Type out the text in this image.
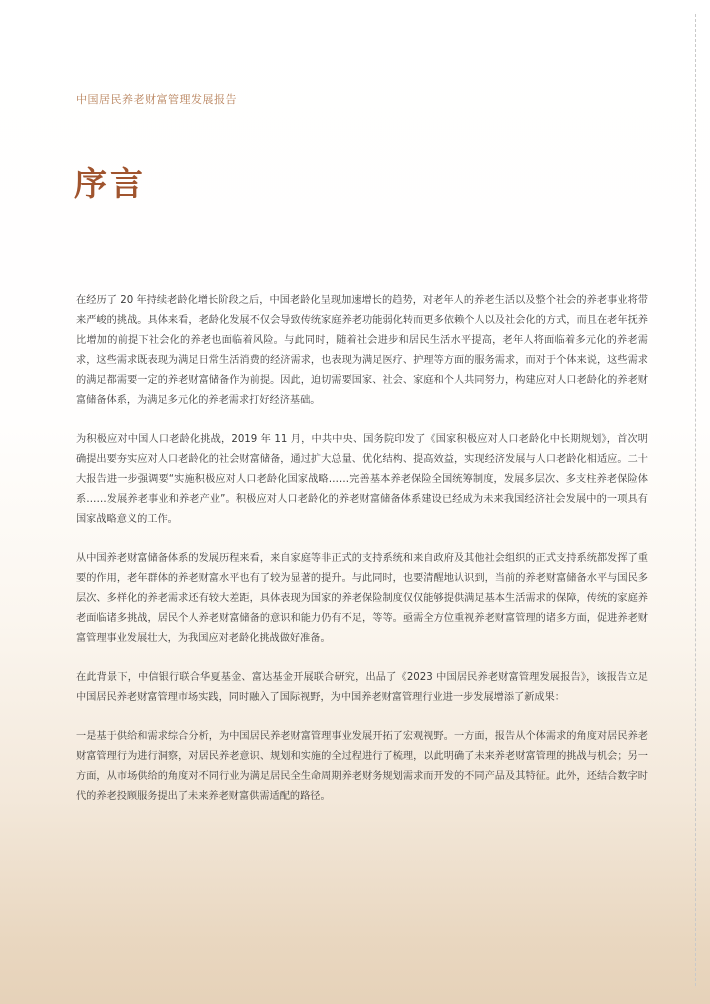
中国居民养老财富管理发展报告
序言

在经历了 20 年持续老龄化增长阶段之后，中国老龄化呈现加速增长的趋势，对老年人的养老生活以及整个社会的养老事业将带来严峻的挑战。具体来看，老龄化发展不仅会导致传统家庭养老功能弱化转而更多依赖个人以及社会化的方式，而且在老年抚养比增加的前提下社会化的养老也面临着风险。与此同时，随着社会进步和居民生活水平提高，老年人将面临着多元化的养老需求，这些需求既表现为满足日常生活消费的经济需求，也表现为满足医疗、护理等方面的服务需求，而对于个体来说，这些需求的满足都需要一定的养老财富储备作为前提。因此，迫切需要国家、社会、家庭和个人共同努力，构建应对人口老龄化的养老财富储备体系，为满足多元化的养老需求打好经济基础。

为积极应对中国人口老龄化挑战，2019 年 11 月，中共中央、国务院印发了《国家积极应对人口老龄化中长期规划》，首次明确提出要夯实应对人口老龄化的社会财富储备，通过扩大总量、优化结构、提高效益，实现经济发展与人口老龄化相适应。二十大报告进一步强调要“实施积极应对人口老龄化国家战略……完善基本养老保险全国统筹制度，发展多层次、多支柱养老保险体系……发展养老事业和养老产业”。积极应对人口老龄化的养老财富储备体系建设已经成为未来我国经济社会发展中的一项具有国家战略意义的工作。

从中国养老财富储备体系的发展历程来看，来自家庭等非正式的支持系统和来自政府及其他社会组织的正式支持系统都发挥了重要的作用，老年群体的养老财富水平也有了较为显著的提升。与此同时，也要清醒地认识到，当前的养老财富储备水平与国民多层次、多样化的养老需求还有较大差距，具体表现为国家的养老保险制度仅仅能够提供满足基本生活需求的保障，传统的家庭养老面临诸多挑战，居民个人养老财富储备的意识和能力仍有不足，等等。亟需全方位重视养老财富管理的诸多方面，促进养老财富管理事业发展壮大，为我国应对老龄化挑战做好准备。

在此背景下，中信银行联合华夏基金、富达基金开展联合研究，出品了《2023 中国居民养老财富管理发展报告》，该报告立足中国居民养老财富管理市场实践，同时融入了国际视野，为中国养老财富管理行业进一步发展增添了新成果：

一是基于供给和需求综合分析，为中国居民养老财富管理事业发展开拓了宏观视野。一方面，报告从个体需求的角度对居民养老财富管理行为进行洞察，对居民养老意识、规划和实施的全过程进行了梳理，以此明确了未来养老财富管理的挑战与机会；另一方面，从市场供给的角度对不同行业为满足居民全生命周期养老财务规划需求而开发的不同产品及其特征。此外，还结合数字时代的养老投顾服务提出了未来养老财富供需适配的路径。
